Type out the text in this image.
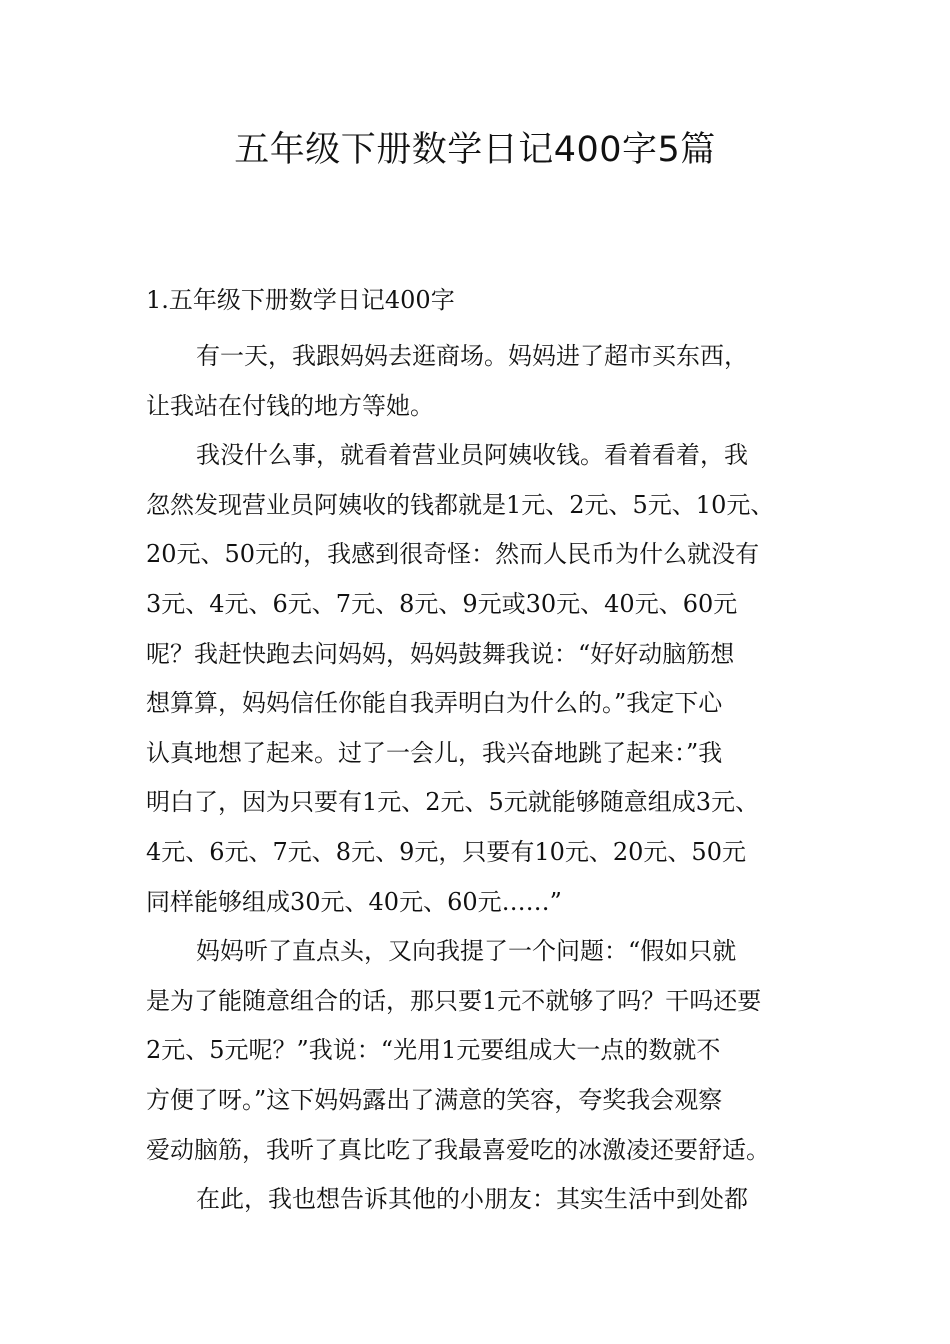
五年级下册数学日记400字5篇
1.五年级下册数学日记400字
有一天，我跟妈妈去逛商场。妈妈进了超市买东西，
让我站在付钱的地方等她。
我没什么事，就看着营业员阿姨收钱。看着看着，我
忽然发现营业员阿姨收的钱都就是1元、2元、5元、10元、
20元、50元的，我感到很奇怪：然而人民币为什么就没有
3元、4元、6元、7元、8元、9元或30元、40元、60元
呢？我赶快跑去问妈妈，妈妈鼓舞我说：“好好动脑筋想
想算算，妈妈信任你能自我弄明白为什么的。”我定下心
认真地想了起来。过了一会儿，我兴奋地跳了起来：”我
明白了，因为只要有1元、2元、5元就能够随意组成3元、
4元、6元、7元、8元、9元，只要有10元、20元、50元
同样能够组成30元、40元、60元……”
妈妈听了直点头，又向我提了一个问题：“假如只就
是为了能随意组合的话，那只要1元不就够了吗？干吗还要
2元、5元呢？”我说：“光用1元要组成大一点的数就不
方便了呀。”这下妈妈露出了满意的笑容，夸奖我会观察
爱动脑筋，我听了真比吃了我最喜爱吃的冰激凌还要舒适。
在此，我也想告诉其他的小朋友：其实生活中到处都
